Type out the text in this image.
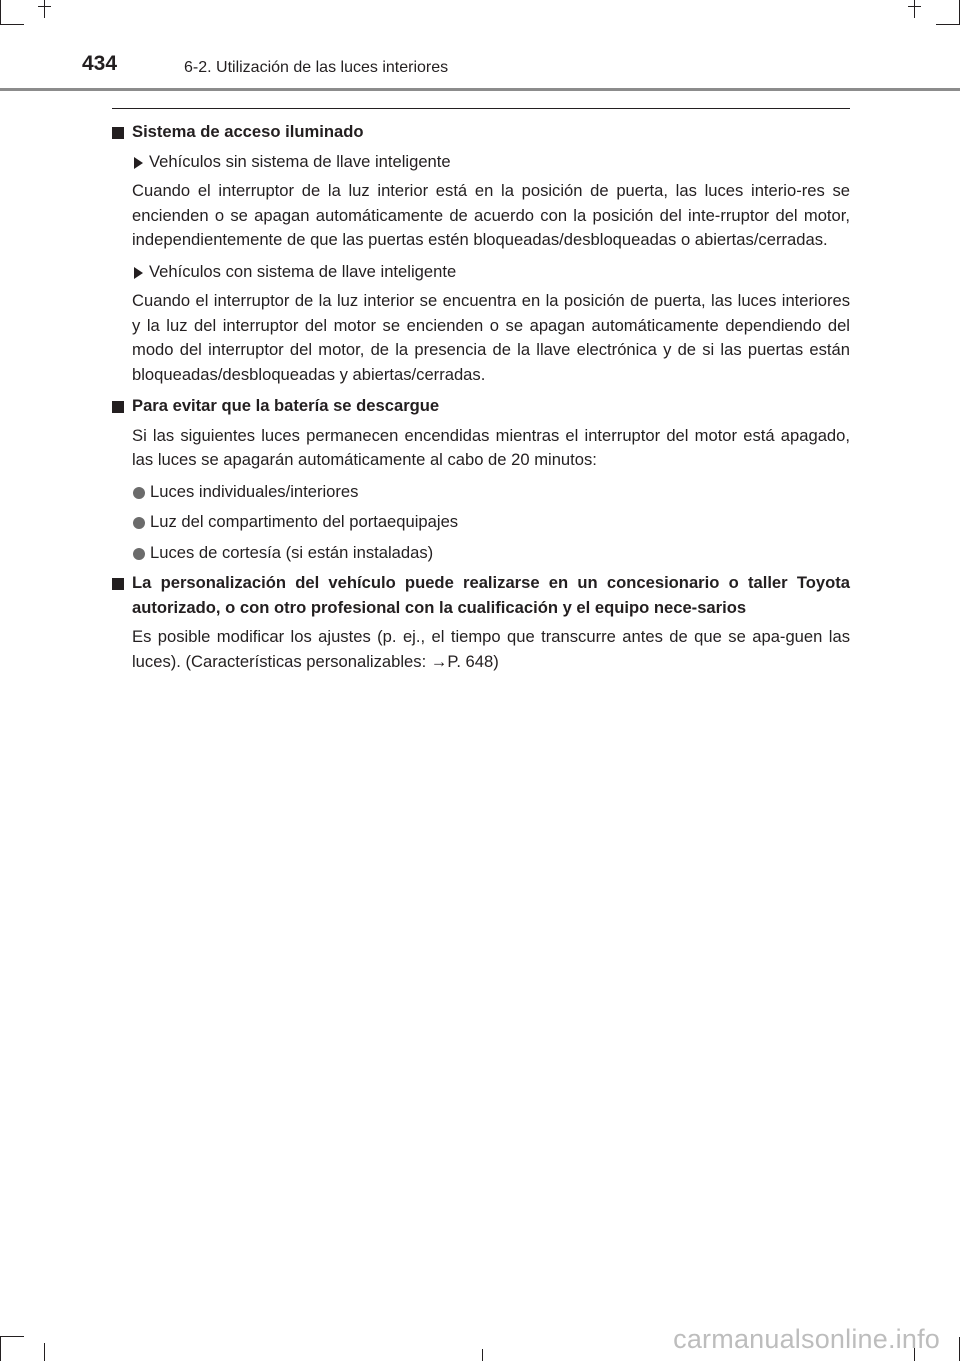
434	6-2. Utilización de las luces interiores
Sistema de acceso iluminado
Vehículos sin sistema de llave inteligente
Cuando el interruptor de la luz interior está en la posición de puerta, las luces interio-res se encienden o se apagan automáticamente de acuerdo con la posición del inte-rruptor del motor, independientemente de que las puertas estén bloqueadas/desbloqueadas o abiertas/cerradas.
Vehículos con sistema de llave inteligente
Cuando el interruptor de la luz interior se encuentra en la posición de puerta, las luces interiores y la luz del interruptor del motor se encienden o se apagan automáticamente dependiendo del modo del interruptor del motor, de la presencia de la llave electrónica y de si las puertas están bloqueadas/desbloqueadas y abiertas/cerradas.
Para evitar que la batería se descargue
Si las siguientes luces permanecen encendidas mientras el interruptor del motor está apagado, las luces se apagarán automáticamente al cabo de 20 minutos:
Luces individuales/interiores
Luz del compartimento del portaequipajes
Luces de cortesía (si están instaladas)
La personalización del vehículo puede realizarse en un concesionario o taller Toyota autorizado, o con otro profesional con la cualificación y el equipo nece-sarios
Es posible modificar los ajustes (p. ej., el tiempo que transcurre antes de que se apa-guen las luces). (Características personalizables: →P. 648)
carmanualsonline.info
